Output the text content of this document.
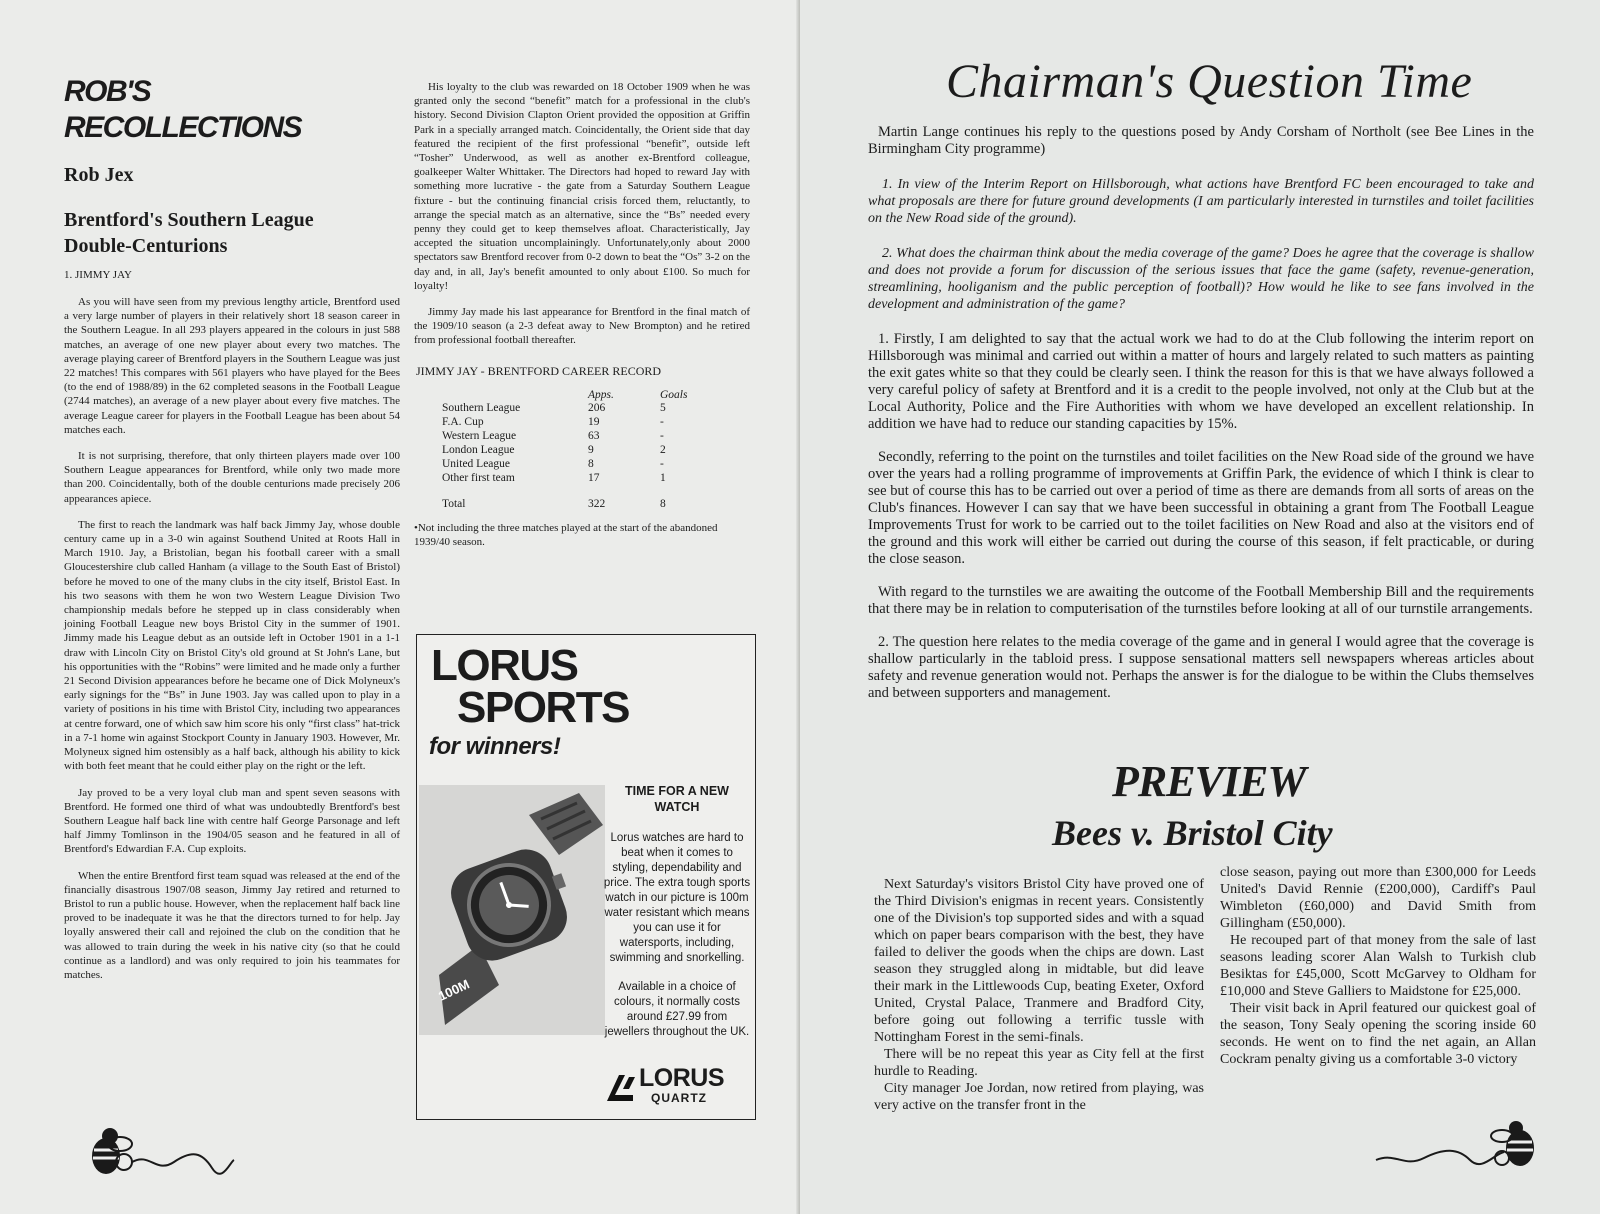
ROB'S
RECOLLECTIONS
Rob Jex
Brentford's Southern League
Double-Centurions
1. JIMMY JAY

As you will have seen from my previous lengthy article, Brentford used a very large number of players in their relatively short 18 season career in the Southern League. In all 293 players appeared in the colours in just 588 matches, an average of one new player about every two matches. The average playing career of Brentford players in the Southern League was just 22 matches! This compares with 561 players who have played for the Bees (to the end of 1988/89) in the 62 completed seasons in the Football League (2744 matches), an average of a new player about every five matches. The average League career for players in the Football League has been about 54 matches each.

It is not surprising, therefore, that only thirteen players made over 100 Southern League appearances for Brentford, while only two made more than 200. Coincidentally, both of the double centurions made precisely 206 appearances apiece.

The first to reach the landmark was half back Jimmy Jay, whose double century came up in a 3-0 win against Southend United at Roots Hall in March 1910. Jay, a Bristolian, began his football career with a small Gloucestershire club called Hanham (a village to the South East of Bristol) before he moved to one of the many clubs in the city itself, Bristol East. In his two seasons with them he won two Western League Division Two championship medals before he stepped up in class considerably when joining Football League new boys Bristol City in the summer of 1901. Jimmy made his League debut as an outside left in October 1901 in a 1-1 draw with Lincoln City on Bristol City's old ground at St John's Lane, but his opportunities with the “Robins” were limited and he made only a further 21 Second Division appearances before he became one of Dick Molyneux's early signings for the “Bs” in June 1903. Jay was called upon to play in a variety of positions in his time with Bristol City, including two appearances at centre forward, one of which saw him score his only “first class” hat-trick in a 7-1 home win against Stockport County in January 1903. However, Mr. Molyneux signed him ostensibly as a half back, although his ability to kick with both feet meant that he could either play on the right or the left.

Jay proved to be a very loyal club man and spent seven seasons with Brentford. He formed one third of what was undoubtedly Brentford's best Southern League half back line with centre half George Parsonage and left half Jimmy Tomlinson in the 1904/05 season and he featured in all of Brentford's Edwardian F.A. Cup exploits.

When the entire Brentford first team squad was released at the end of the financially disastrous 1907/08 season, Jimmy Jay retired and returned to Bristol to run a public house. However, when the replacement half back line proved to be inadequate it was he that the directors turned to for help. Jay loyally answered their call and rejoined the club on the condition that he was allowed to train during the week in his native city (so that he could continue as a landlord) and was only required to join his teammates for matches.

His loyalty to the club was rewarded on 18 October 1909 when he was granted only the second “benefit” match for a professional in the club's history. Second Division Clapton Orient provided the opposition at Griffin Park in a specially arranged match. Coincidentally, the Orient side that day featured the recipient of the first professional “benefit”, outside left “Tosher” Underwood, as well as another ex-Brentford colleague, goalkeeper Walter Whittaker. The Directors had hoped to reward Jay with something more lucrative - the gate from a Saturday Southern League fixture - but the continuing financial crisis forced them, reluctantly, to arrange the special match as an alternative, since the “Bs” needed every penny they could get to keep themselves afloat. Characteristically, Jay accepted the situation uncomplainingly. Unfortunately,only about 2000 spectators saw Brentford recover from 0-2 down to beat the “Os” 3-2 on the day and, in all, Jay's benefit amounted to only about £100. So much for loyalty!

Jimmy Jay made his last appearance for Brentford in the final match of the 1909/10 season (a 2-3 defeat away to New Brompton) and he retired from professional football thereafter.

JIMMY JAY - BRENTFORD CAREER RECORD
	Apps.	Goals
Southern League	206	5
F.A. Cup	19	-
Western League	63	-
London League	9	2
United League	8	-
Other first team	17	1
Total	322	8

•Not including the three matches played at the start of the abandoned 1939/40 season.

LORUS
SPORTS
for winners!
100M
TIME FOR A NEW WATCH

Lorus watches are hard to beat when it comes to styling, dependability and price. The extra tough sports watch in our picture is 100m water resistant which means you can use it for watersports, including, swimming and snorkelling.

Available in a choice of colours, it normally costs around £27.99 from jewellers throughout the UK.

LORUS
QUARTZ
Chairman's Question Time

Martin Lange continues his reply to the questions posed by Andy Corsham of Northolt (see Bee Lines in the Birmingham City programme)

1. In view of the Interim Report on Hillsborough, what actions have Brentford FC been encouraged to take and what proposals are there for future ground developments (I am particularly interested in turnstiles and toilet facilities on the New Road side of the ground).

2. What does the chairman think about the media coverage of the game? Does he agree that the coverage is shallow and does not provide a forum for discussion of the serious issues that face the game (safety, revenue-generation, streamlining, hooliganism and the public perception of football)? How would he like to see fans involved in the development and administration of the game?

1. Firstly, I am delighted to say that the actual work we had to do at the Club following the interim report on Hillsborough was minimal and carried out within a matter of hours and largely related to such matters as painting the exit gates white so that they could be clearly seen. I think the reason for this is that we have always followed a very careful policy of safety at Brentford and it is a credit to the people involved, not only at the Club but at the Local Authority, Police and the Fire Authorities with whom we have developed an excellent relationship. In addition we have had to reduce our standing capacities by 15%.

Secondly, referring to the point on the turnstiles and toilet facilities on the New Road side of the ground we have over the years had a rolling programme of improvements at Griffin Park, the evidence of which I think is clear to see but of course this has to be carried out over a period of time as there are demands from all sorts of areas on the Club's finances. However I can say that we have been successful in obtaining a grant from The Football League Improvements Trust for work to be carried out to the toilet facilities on New Road and also at the visitors end of the ground and this work will either be carried out during the course of this season, if felt practicable, or during the close season.

With regard to the turnstiles we are awaiting the outcome of the Football Membership Bill and the requirements that there may be in relation to computerisation of the turnstiles before looking at all of our turnstile arrangements.

2. The question here relates to the media coverage of the game and in general I would agree that the coverage is shallow particularly in the tabloid press. I suppose sensational matters sell newspapers whereas articles about safety and revenue generation would not. Perhaps the answer is for the dialogue to be within the Clubs themselves and between supporters and management.

PREVIEW
Bees v. Bristol City

Next Saturday's visitors Bristol City have proved one of the Third Division's enigmas in recent years. Consistently one of the Division's top supported sides and with a squad which on paper bears comparison with the best, they have failed to deliver the goods when the chips are down. Last season they struggled along in midtable, but did leave their mark in the Littlewoods Cup, beating Exeter, Oxford United, Crystal Palace, Tranmere and Bradford City, before going out following a terrific tussle with Nottingham Forest in the semi-finals.

There will be no repeat this year as City fell at the first hurdle to Reading.

City manager Joe Jordan, now retired from playing, was very active on the transfer front in the

close season, paying out more than £300,000 for Leeds United's David Rennie (£200,000), Cardiff's Paul Wimbleton (£60,000) and David Smith from Gillingham (£50,000).

He recouped part of that money from the sale of last seasons leading scorer Alan Walsh to Turkish club Besiktas for £45,000, Scott McGarvey to Oldham for £10,000 and Steve Galliers to Maidstone for £25,000.

Their visit back in April featured our quickest goal of the season, Tony Sealy opening the scoring inside 60 seconds. He went on to find the net again, an Allan Cockram penalty giving us a comfortable 3-0 victory
